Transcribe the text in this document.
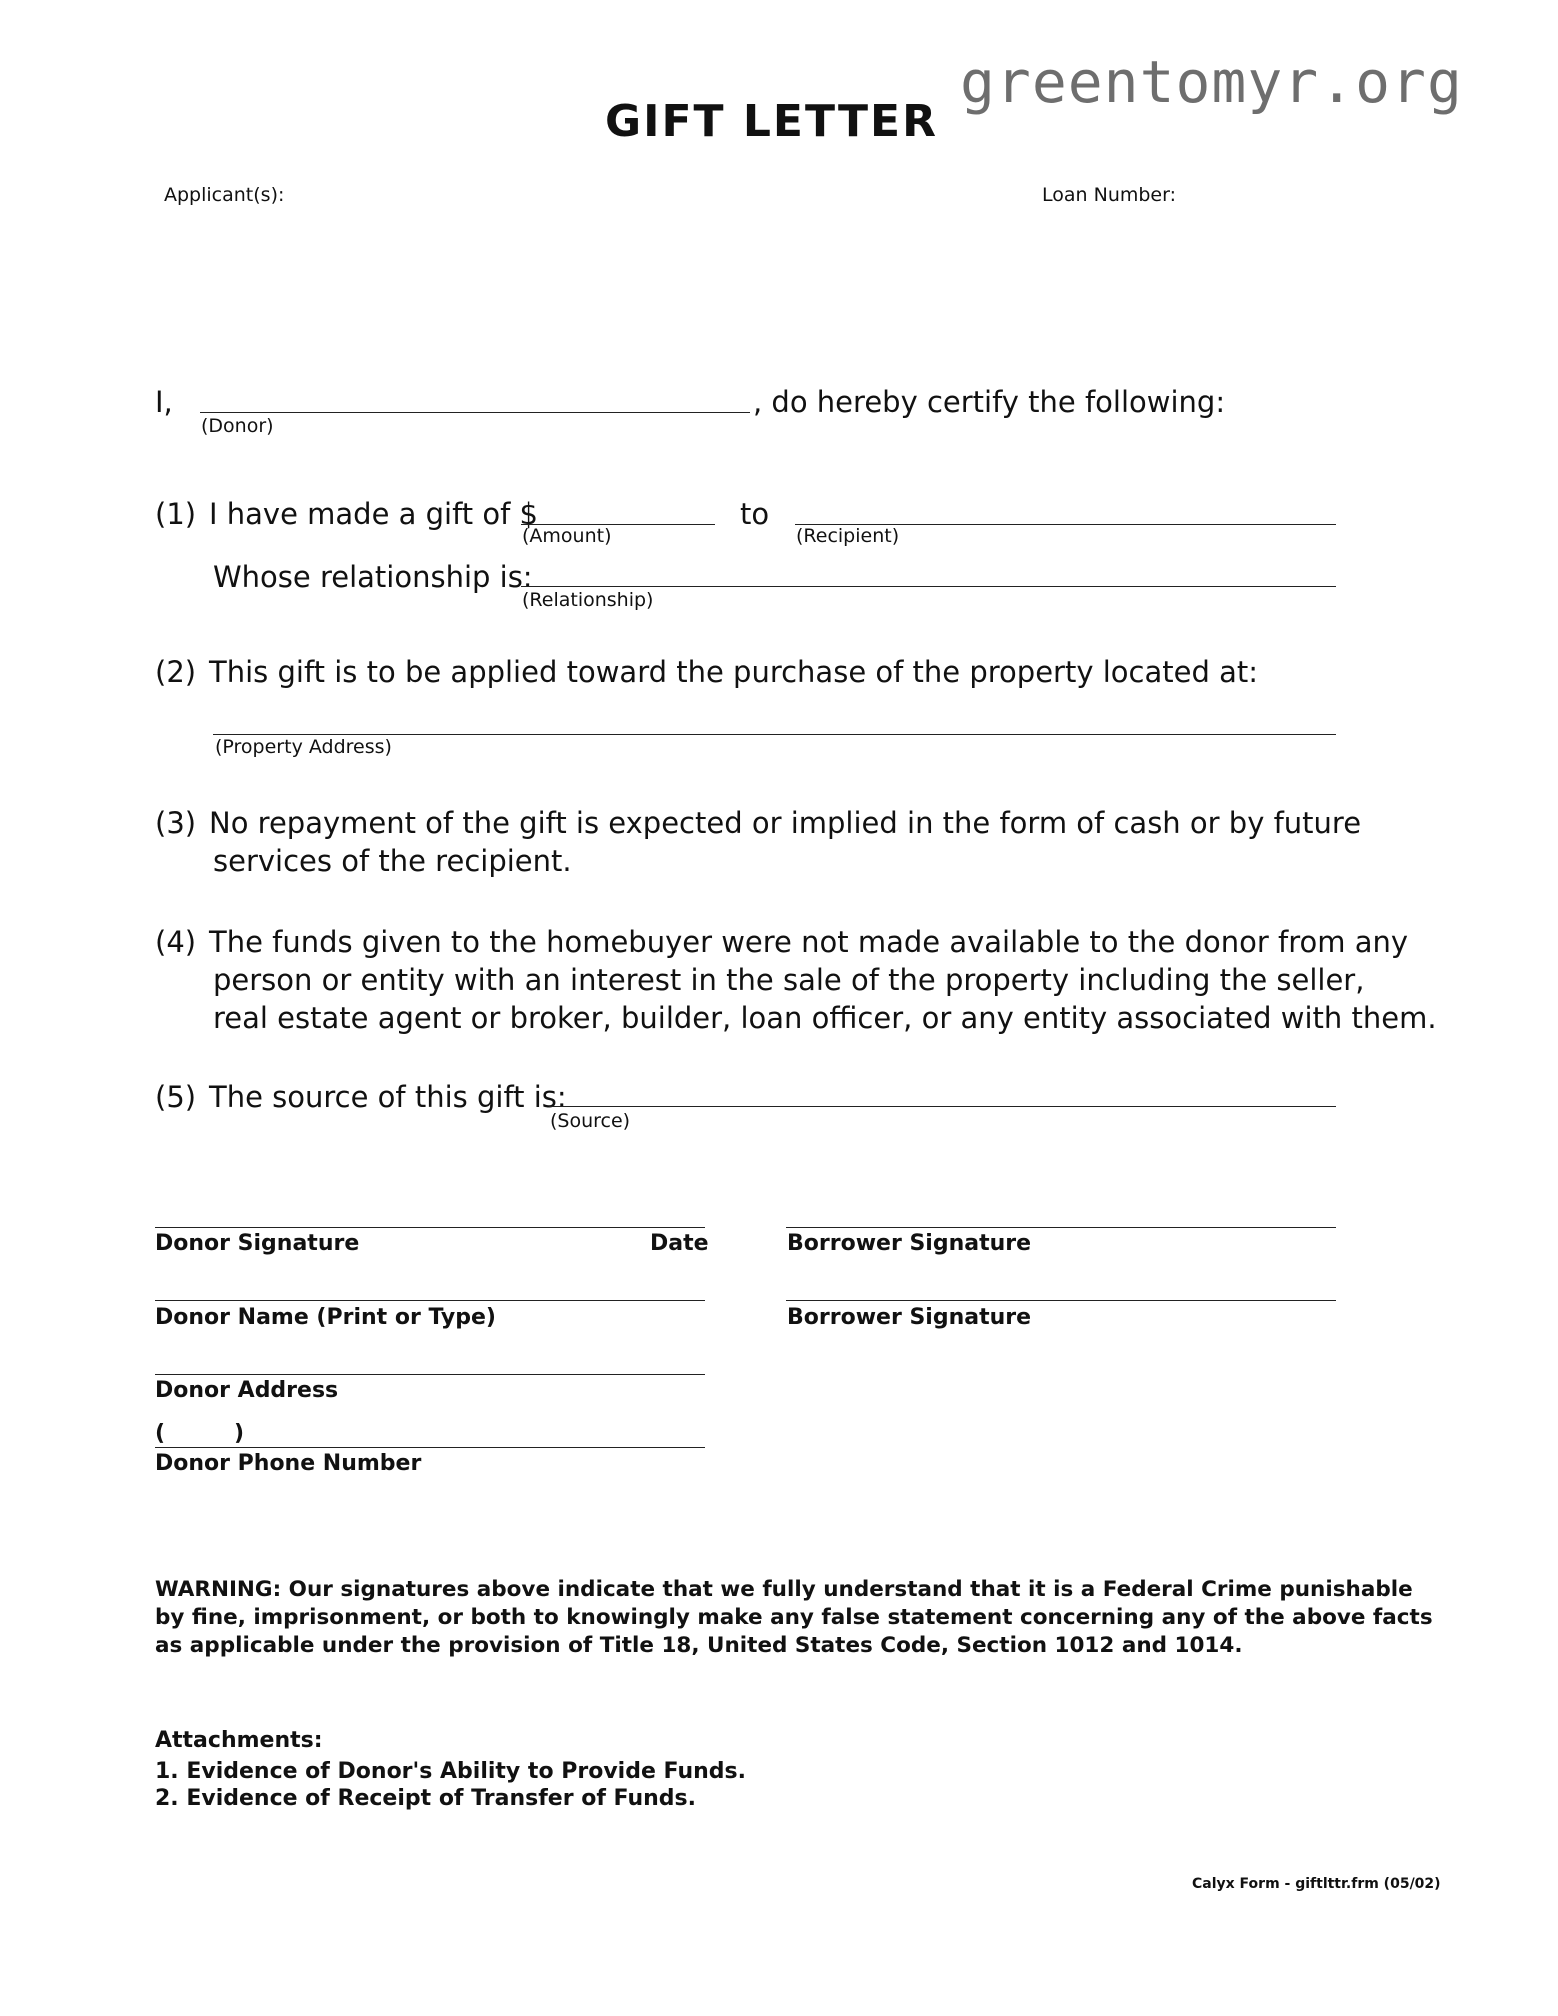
greentomyr.org
GIFT LETTER
Applicant(s):	Loan Number:
I,	, do hereby certify the following:
(Donor)
(1) I have made a gift of $
(Amount)
to
(Recipient)
Whose relationship is:
(Relationship)
(2) This gift is to be applied toward the purchase of the property located at:
(Property Address)
(3) No repayment of the gift is expected or implied in the form of cash or by future
services of the recipient.
(4) The funds given to the homebuyer were not made available to the donor from any
person or entity with an interest in the sale of the property including the seller,
real estate agent or broker, builder, loan officer, or any entity associated with them.
(5) The source of this gift is:
(Source)
Donor Signature	Date	Borrower Signature
Donor Name (Print or Type)	Borrower Signature
Donor Address
(	)
Donor Phone Number
WARNING: Our signatures above indicate that we fully understand that it is a Federal Crime punishable
by fine, imprisonment, or both to knowingly make any false statement concerning any of the above facts
as applicable under the provision of Title 18, United States Code, Section 1012 and 1014.
Attachments:
1. Evidence of Donor's Ability to Provide Funds.
2. Evidence of Receipt of Transfer of Funds.
Calyx Form - giftlttr.frm (05/02)
